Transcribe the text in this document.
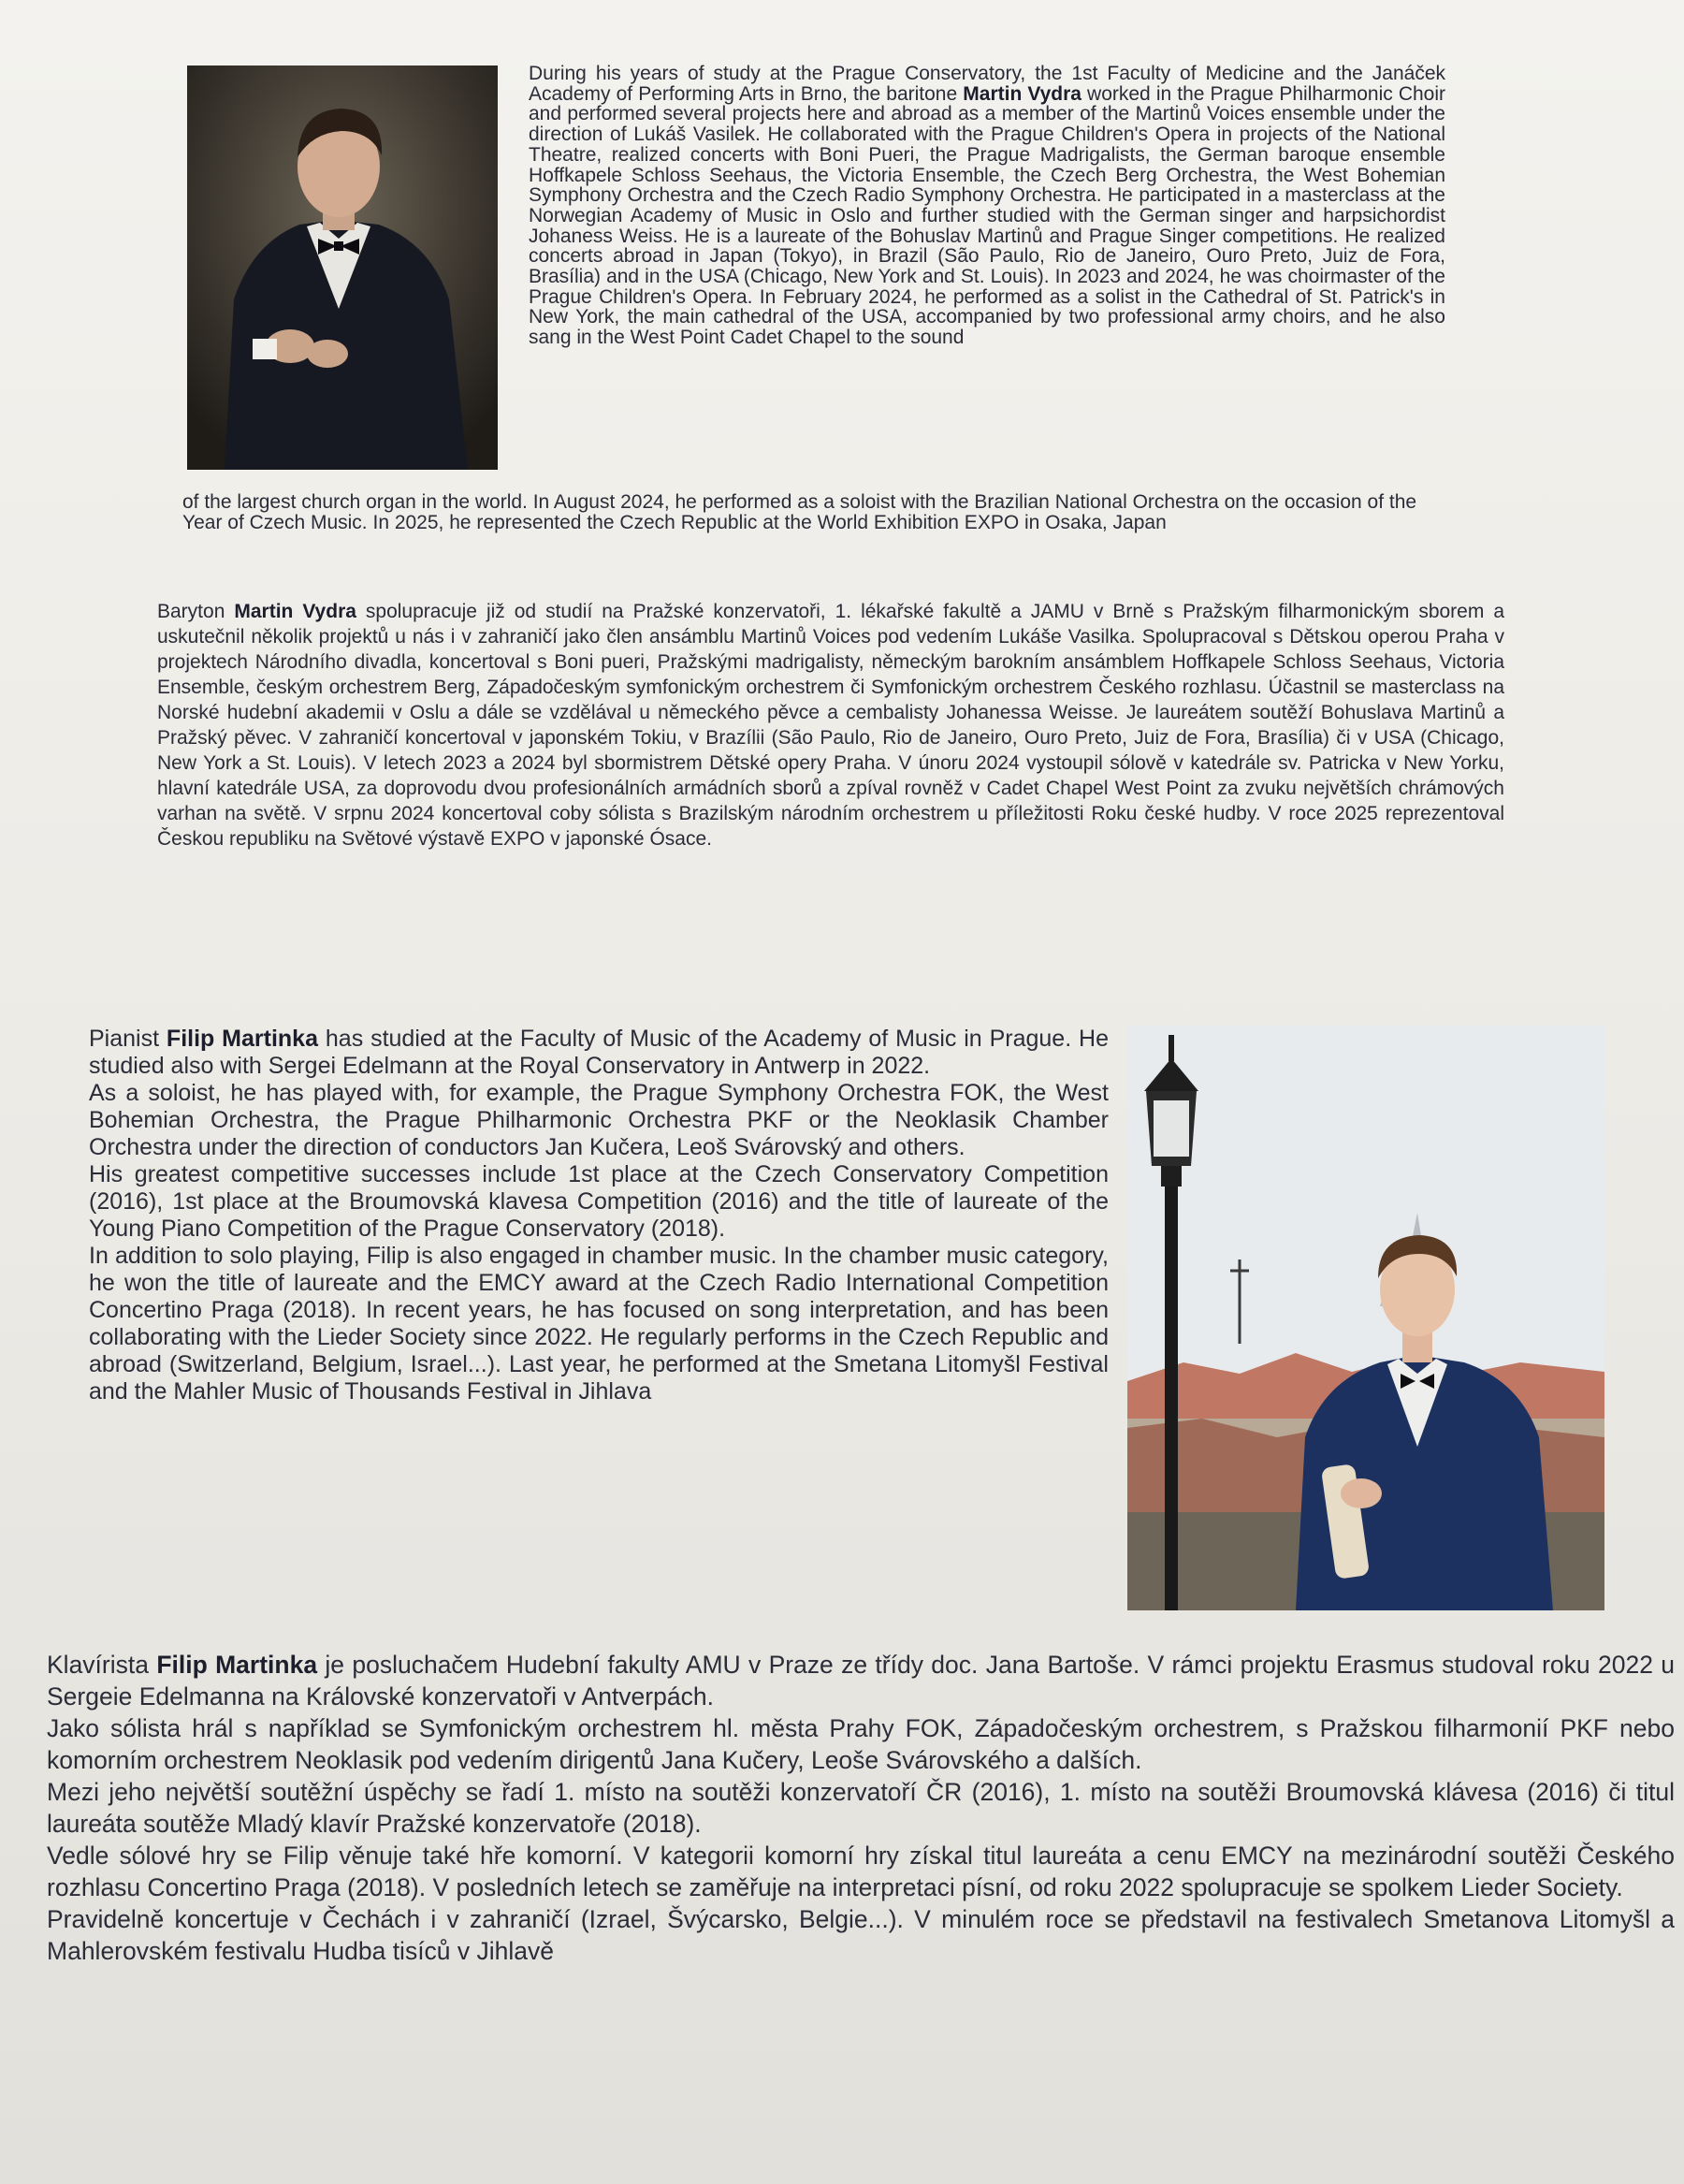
During his years of study at the Prague Conservatory, the 1st Faculty of Medicine and the Janáček Academy of Performing Arts in Brno, the baritone Martin Vydra worked in the Prague Philharmonic Choir and performed several projects here and abroad as a member of the Martinů Voices ensemble under the direction of Lukáš Vasilek. He collaborated with the Prague Children's Opera in projects of the National Theatre, realized concerts with Boni Pueri, the Prague Madrigalists, the German baroque ensemble Hoffkapele Schloss Seehaus, the Victoria Ensemble, the Czech Berg Orchestra, the West Bohemian Symphony Orchestra and the Czech Radio Symphony Orchestra. He participated in a masterclass at the Norwegian Academy of Music in Oslo and further studied with the German singer and harpsichordist Johaness Weiss. He is a laureate of the Bohuslav Martinů and Prague Singer competitions. He realized concerts abroad in Japan (Tokyo), in Brazil (São Paulo, Rio de Janeiro, Ouro Preto, Juiz de Fora, Brasília) and in the USA (Chicago, New York and St. Louis). In 2023 and 2024, he was choirmaster of the Prague Children's Opera. In February 2024, he performed as a solist in the Cathedral of St. Patrick's in New York, the main cathedral of the USA, accompanied by two professional army choirs, and he also sang in the West Point Cadet Chapel to the sound

of the largest church organ in the world. In August 2024, he performed as a soloist with the Brazilian National Orchestra on the occasion of the Year of Czech Music. In 2025, he represented the Czech Republic at the World Exhibition EXPO in Osaka, Japan

Baryton Martin Vydra spolupracuje již od studií na Pražské konzervatoři, 1. lékařské fakultě a JAMU v Brně s Pražským filharmonickým sborem a uskutečnil několik projektů u nás i v zahraničí jako člen ansámblu Martinů Voices pod vedením Lukáše Vasilka. Spolupracoval s Dětskou operou Praha v projektech Národního divadla, koncertoval s Boni pueri, Pražskými madrigalisty, německým barokním ansámblem Hoffkapele Schloss Seehaus, Victoria Ensemble, českým orchestrem Berg, Západočeským symfonickým orchestrem či Symfonickým orchestrem Českého rozhlasu. Účastnil se masterclass na Norské hudební akademii v Oslu a dále se vzdělával u německého pěvce a cembalisty Johanessa Weisse. Je laureátem soutěží Bohuslava Martinů a Pražský pěvec. V zahraničí koncertoval v japonském Tokiu, v Brazílii (São Paulo, Rio de Janeiro, Ouro Preto, Juiz de Fora, Brasília) či v USA (Chicago, New York a St. Louis). V letech 2023 a 2024 byl sbormistrem Dětské opery Praha. V únoru 2024 vystoupil sólově v katedrále sv. Patricka v New Yorku, hlavní katedrále USA, za doprovodu dvou profesionálních armádních sborů a zpíval rovněž v Cadet Chapel West Point za zvuku největších chrámových varhan na světě. V srpnu 2024 koncertoval coby sólista s Brazilským národním orchestrem u příležitosti Roku české hudby. V roce 2025 reprezentoval Českou republiku na Světové výstavě EXPO v japonské Ósace.

Pianist Filip Martinka has studied at the Faculty of Music of the Academy of Music in Prague. He studied also with Sergei Edelmann at the Royal Conservatory in Antwerp in 2022.

As a soloist, he has played with, for example, the Prague Symphony Orchestra FOK, the West Bohemian Orchestra, the Prague Philharmonic Orchestra PKF or the Neoklasik Chamber Orchestra under the direction of conductors Jan Kučera, Leoš Svárovský and others.

His greatest competitive successes include 1st place at the Czech Conservatory Competition (2016), 1st place at the Broumovská klavesa Competition (2016) and the title of laureate of the Young Piano Competition of the Prague Conservatory (2018).

In addition to solo playing, Filip is also engaged in chamber music. In the chamber music category, he won the title of laureate and the EMCY award at the Czech Radio International Competition Concertino Praga (2018). In recent years, he has focused on song interpretation, and has been collaborating with the Lieder Society since 2022. He regularly performs in the Czech Republic and abroad (Switzerland, Belgium, Israel...). Last year, he performed at the Smetana Litomyšl Festival and the Mahler Music of Thousands Festival in Jihlava

Klavírista Filip Martinka je posluchačem Hudební fakulty AMU v Praze ze třídy doc. Jana Bartoše. V rámci projektu Erasmus studoval roku 2022 u Sergeie Edelmanna na Královské konzervatoři v Antverpách.

Jako sólista hrál s například se Symfonickým orchestrem hl. města Prahy FOK, Západočeským orchestrem, s Pražskou filharmonií PKF nebo komorním orchestrem Neoklasik pod vedením dirigentů Jana Kučery, Leoše Svárovského a dalších.

Mezi jeho největší soutěžní úspěchy se řadí 1. místo na soutěži konzervatoří ČR (2016), 1. místo na soutěži Broumovská klávesa (2016) či titul laureáta soutěže Mladý klavír Pražské konzervatoře (2018).

Vedle sólové hry se Filip věnuje také hře komorní. V kategorii komorní hry získal titul laureáta a cenu EMCY na mezinárodní soutěži Českého rozhlasu Concertino Praga (2018). V posledních letech se zaměřuje na interpretaci písní, od roku 2022 spolupracuje se spolkem Lieder Society.

Pravidelně koncertuje v Čechách i v zahraničí (Izrael, Švýcarsko, Belgie...). V minulém roce se představil na festivalech Smetanova Litomyšl a Mahlerovském festivalu Hudba tisíců v Jihlavě
